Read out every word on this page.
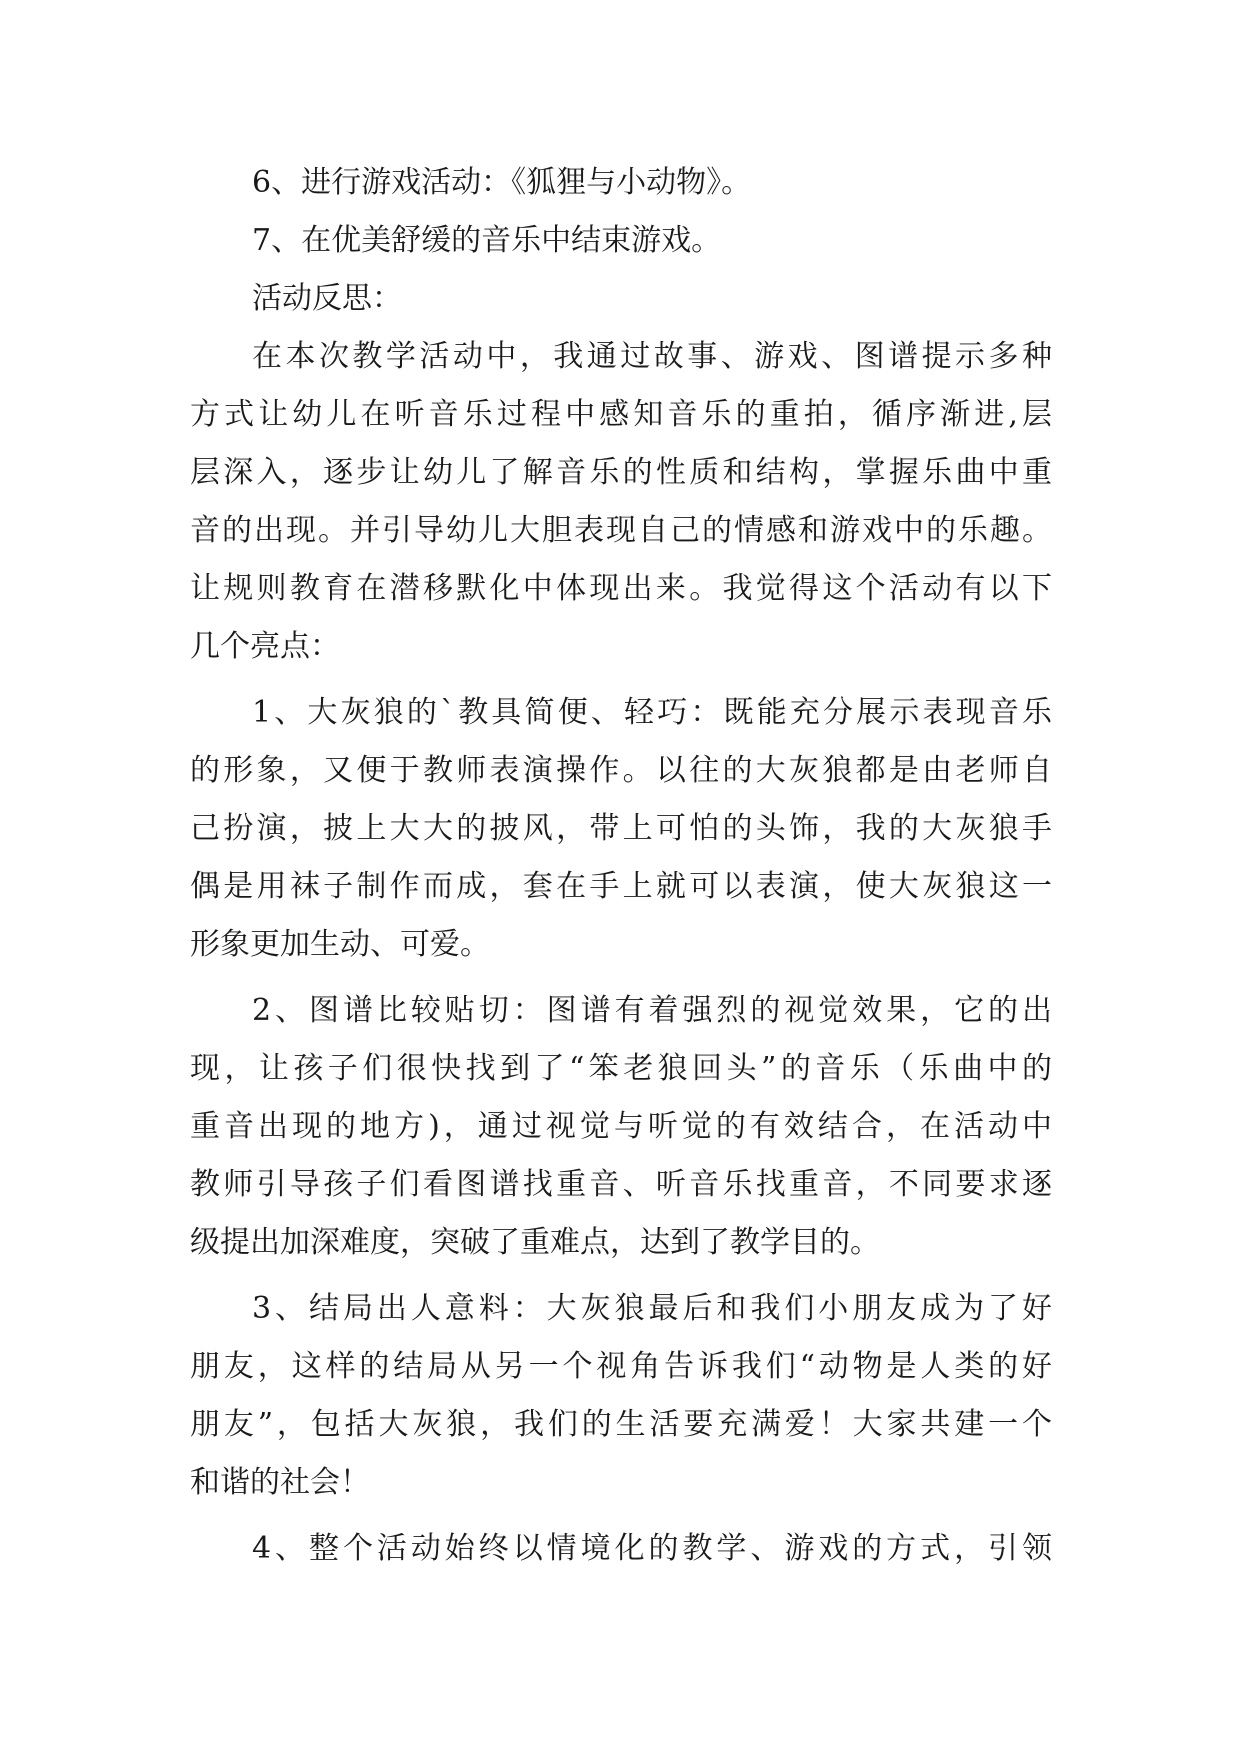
6、进行游戏活动：《狐狸与小动物》。
7、在优美舒缓的音乐中结束游戏。
活动反思：
在本次教学活动中，我通过故事、游戏、图谱提示多种
方式让幼儿在听音乐过程中感知音乐的重拍，循序渐进,层
层深入，逐步让幼儿了解音乐的性质和结构，掌握乐曲中重
音的出现。并引导幼儿大胆表现自己的情感和游戏中的乐趣。
让规则教育在潜移默化中体现出来。我觉得这个活动有以下
几个亮点：
1、大灰狼的`教具简便、轻巧：既能充分展示表现音乐
的形象，又便于教师表演操作。以往的大灰狼都是由老师自
己扮演，披上大大的披风，带上可怕的头饰，我的大灰狼手
偶是用袜子制作而成，套在手上就可以表演，使大灰狼这一
形象更加生动、可爱。
2、图谱比较贴切：图谱有着强烈的视觉效果，它的出
现，让孩子们很快找到了“笨老狼回头”的音乐（乐曲中的
重音出现的地方)，通过视觉与听觉的有效结合，在活动中
教师引导孩子们看图谱找重音、听音乐找重音，不同要求逐
级提出加深难度，突破了重难点，达到了教学目的。
3、结局出人意料：大灰狼最后和我们小朋友成为了好
朋友，这样的结局从另一个视角告诉我们“动物是人类的好
朋友”，包括大灰狼，我们的生活要充满爱！大家共建一个
和谐的社会！
4、整个活动始终以情境化的教学、游戏的方式，引领
